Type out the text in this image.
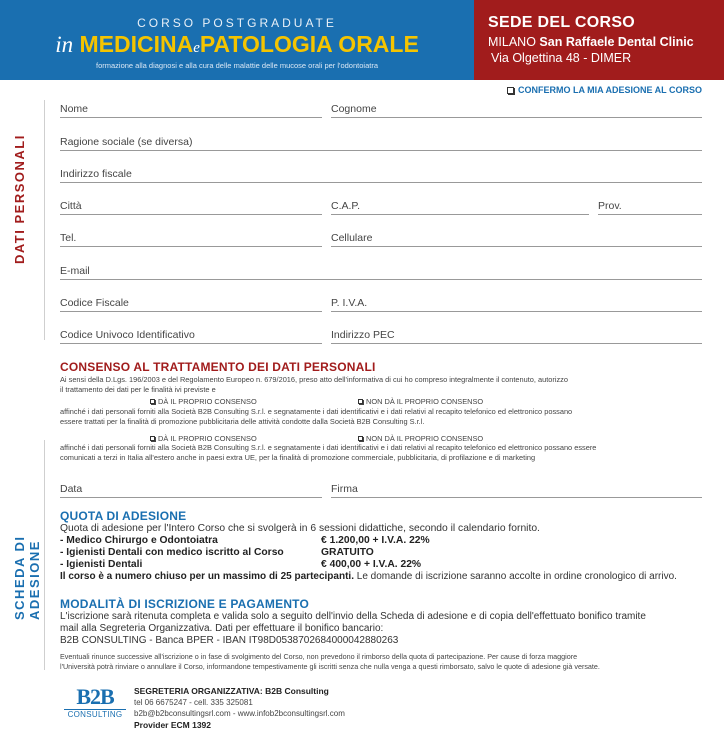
CORSO POSTGRADUATE
in MEDICINAePATOLOGIA ORALE
formazione alla diagnosi e alla cura delle malattie delle mucose orali per l'odontoiatra
SEDE DEL CORSO
MILANO San Raffaele Dental Clinic
Via Olgettina 48 - DIMER
CONFERMO LA MIA ADESIONE AL CORSO
DATI PERSONALI
SCHEDA DI ADESIONE
Nome	Cognome
Ragione sociale (se diversa)
Indirizzo fiscale
Città	C.A.P.	Prov.
Tel.	Cellulare
E-mail
Codice Fiscale	P. I.V.A.
Codice Univoco Identificativo	Indirizzo PEC
CONSENSO AL TRATTAMENTO DEI DATI PERSONALI
Ai sensi della D.Lgs. 196/2003 e del Regolamento Europeo n. 679/2016, preso atto dell'informativa di cui ho compreso integralmente il contenuto, autorizzo
il trattamento dei dati per le finalità ivi previste e
DÀ IL PROPRIO CONSENSO	NON DÀ IL PROPRIO CONSENSO
affinché i dati personali forniti alla Società B2B Consulting S.r.l. e segnatamente i dati identificativi e i dati relativi al recapito telefonico ed elettronico possano
essere trattati per la finalità di promozione pubblicitaria delle attività condotte dalla Società B2B Consulting S.r.l.
DÀ IL PROPRIO CONSENSO	NON DÀ IL PROPRIO CONSENSO
affinché i dati personali forniti alla Società B2B Consulting S.r.l. e segnatamente i dati identificativi e i dati relativi al recapito telefonico ed elettronico possano essere
comunicati a terzi in Italia all'estero anche in paesi extra UE, per la finalità di promozione commerciale, pubblicitaria, di profilazione e di marketing
Data	Firma
QUOTA DI ADESIONE
Quota di adesione per l'Intero Corso che si svolgerà in 6 sessioni didattiche, secondo il calendario fornito.
- Medico Chirurgo e Odontoiatra	€ 1.200,00 + I.V.A. 22%
- Igienisti Dentali con medico iscritto al Corso	GRATUITO
- Igienisti Dentali	€ 400,00 + I.V.A. 22%
Il corso è a numero chiuso per un massimo di 25 partecipanti. Le domande di iscrizione saranno accolte in ordine cronologico di arrivo.
MODALITÀ DI ISCRIZIONE E PAGAMENTO
L'iscrizione sarà ritenuta completa e valida solo a seguito dell'invio della Scheda di adesione e di copia dell'effettuato bonifico tramite
mail alla Segreteria Organizzativa. Dati per effettuare il bonifico bancario:
B2B CONSULTING - Banca BPER - IBAN IT98D0538702684000042880263
Eventuali rinunce successive all'iscrizione o in fase di svolgimento del Corso, non prevedono il rimborso della quota di partecipazione. Per cause di forza maggiore
l'Università potrà rinviare o annullare il Corso, informandone tempestivamente gli iscritti senza che nulla venga a questi rimborsato, salvo le quote di adesione già versate.
B2B
CONSULTING
SEGRETERIA ORGANIZZATIVA: B2B Consulting
tel 06 6675247 - cell. 335 325081
b2b@b2bconsultingsrl.com - www.infob2bconsultingsrl.com
Provider ECM 1392
